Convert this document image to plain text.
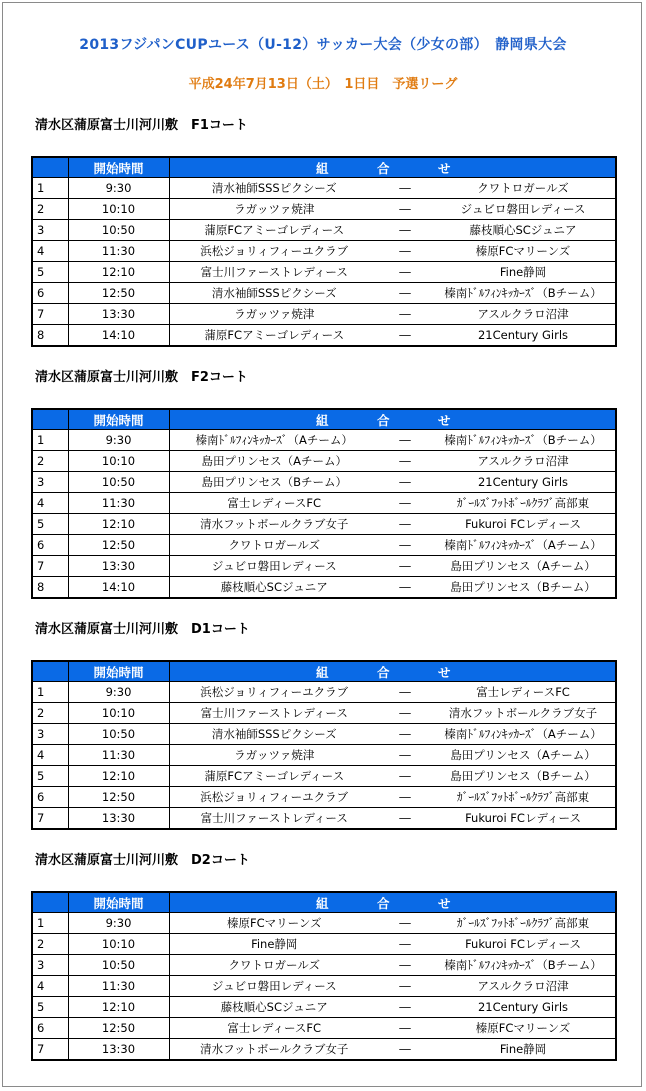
2013フジパンCUPユース（U-12）サッカー大会（少女の部）　静岡県大会
平成24年7月13日（土）　1日目　予選リーグ
清水区蒲原富士川河川敷　F1コート
	開始時間	組　合　せ		
1	9:30	清水袖師SSSピクシーズ	―	クワトロガールズ
2	10:10	ラガッツァ焼津	―	ジュビロ磐田レディース
3	10:50	蒲原FCアミーゴレディース	―	藤枝順心SCジュニア
4	11:30	浜松ジョリィフィーユクラブ	―	榛原FCマリーンズ
5	12:10	富士川ファーストレディース	―	Fine静岡
6	12:50	清水袖師SSSピクシーズ	―	榛南ﾄﾞﾙﾌｨﾝｷｯｶｰｽﾞ（Bチーム）
7	13:30	ラガッツァ焼津	―	アスルクラロ沼津
8	14:10	蒲原FCアミーゴレディース	―	21Century Girls
清水区蒲原富士川河川敷　F2コート
	開始時間	組　合　せ		
1	9:30	榛南ﾄﾞﾙﾌｨﾝｷｯｶｰｽﾞ（Aチーム）	―	榛南ﾄﾞﾙﾌｨﾝｷｯｶｰｽﾞ（Bチーム）
2	10:10	島田プリンセス（Aチーム）	―	アスルクラロ沼津
3	10:50	島田プリンセス（Bチーム）	―	21Century Girls
4	11:30	富士レディースFC	―	ｶﾞｰﾙｽﾞﾌｯﾄﾎﾞｰﾙｸﾗﾌﾞ高部東
5	12:10	清水フットボールクラブ女子	―	Fukuroi FCレディース
6	12:50	クワトロガールズ	―	榛南ﾄﾞﾙﾌｨﾝｷｯｶｰｽﾞ（Aチーム）
7	13:30	ジュビロ磐田レディース	―	島田プリンセス（Aチーム）
8	14:10	藤枝順心SCジュニア	―	島田プリンセス（Bチーム）
清水区蒲原富士川河川敷　D1コート
	開始時間	組　合　せ		
1	9:30	浜松ジョリィフィーユクラブ	―	富士レディースFC
2	10:10	富士川ファーストレディース	―	清水フットボールクラブ女子
3	10:50	清水袖師SSSピクシーズ	―	榛南ﾄﾞﾙﾌｨﾝｷｯｶｰｽﾞ（Aチーム）
4	11:30	ラガッツァ焼津	―	島田プリンセス（Aチーム）
5	12:10	蒲原FCアミーゴレディース	―	島田プリンセス（Bチーム）
6	12:50	浜松ジョリィフィーユクラブ	―	ｶﾞｰﾙｽﾞﾌｯﾄﾎﾞｰﾙｸﾗﾌﾞ高部東
7	13:30	富士川ファーストレディース	―	Fukuroi FCレディース
清水区蒲原富士川河川敷　D2コート
	開始時間	組　合　せ		
1	9:30	榛原FCマリーンズ	―	ｶﾞｰﾙｽﾞﾌｯﾄﾎﾞｰﾙｸﾗﾌﾞ高部東
2	10:10	Fine静岡	―	Fukuroi FCレディース
3	10:50	クワトロガールズ	―	榛南ﾄﾞﾙﾌｨﾝｷｯｶｰｽﾞ（Bチーム）
4	11:30	ジュビロ磐田レディース	―	アスルクラロ沼津
5	12:10	藤枝順心SCジュニア	―	21Century Girls
6	12:50	富士レディースFC	―	榛原FCマリーンズ
7	13:30	清水フットボールクラブ女子	―	Fine静岡
